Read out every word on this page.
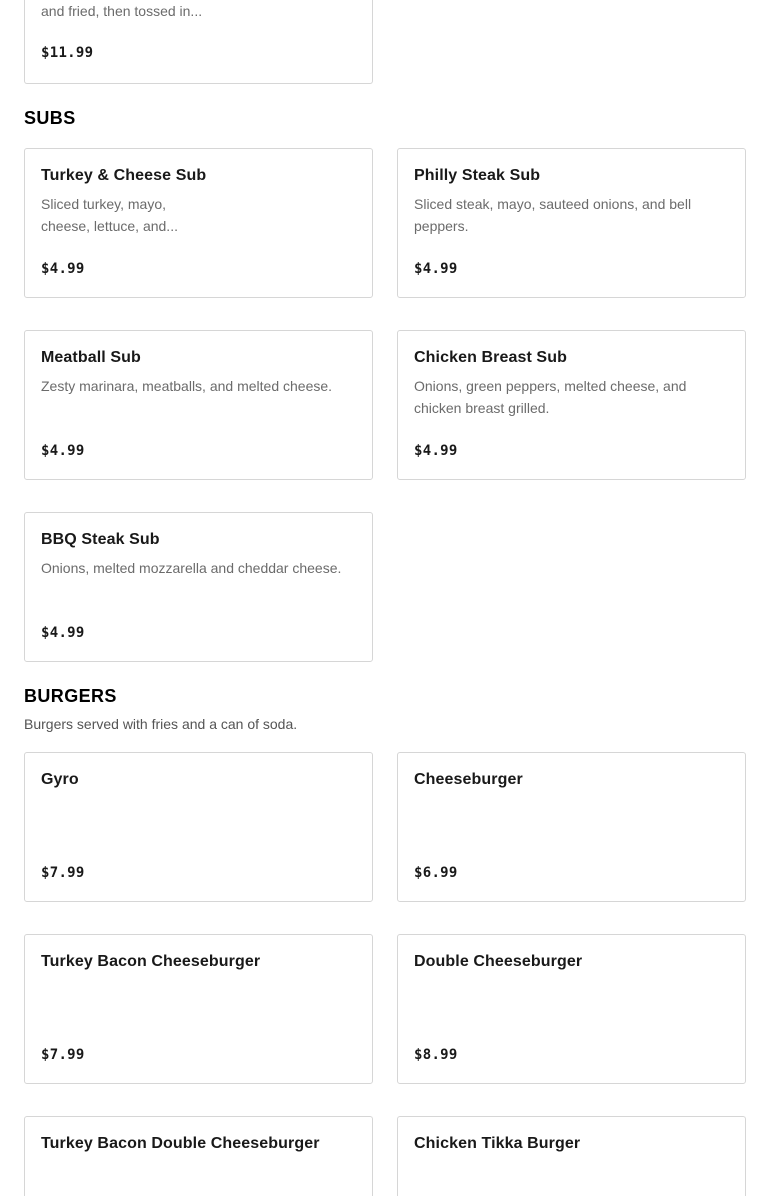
and fried, then tossed in...
$11.99
SUBS
Turkey & Cheese Sub
Sliced turkey, mayo,
cheese, lettuce, and...
$4.99
Philly Steak Sub
Sliced steak, mayo, sauteed onions, and bell
peppers.
$4.99
Meatball Sub
Zesty marinara, meatballs, and melted cheese.
$4.99
Chicken Breast Sub
Onions, green peppers, melted cheese, and
chicken breast grilled.
$4.99
BBQ Steak Sub
Onions, melted mozzarella and cheddar cheese.
$4.99
BURGERS
Burgers served with fries and a can of soda.
Gyro
$7.99
Cheeseburger
$6.99
Turkey Bacon Cheeseburger
$7.99
Double Cheeseburger
$8.99
Turkey Bacon Double Cheeseburger	Chicken Tikka Burger
